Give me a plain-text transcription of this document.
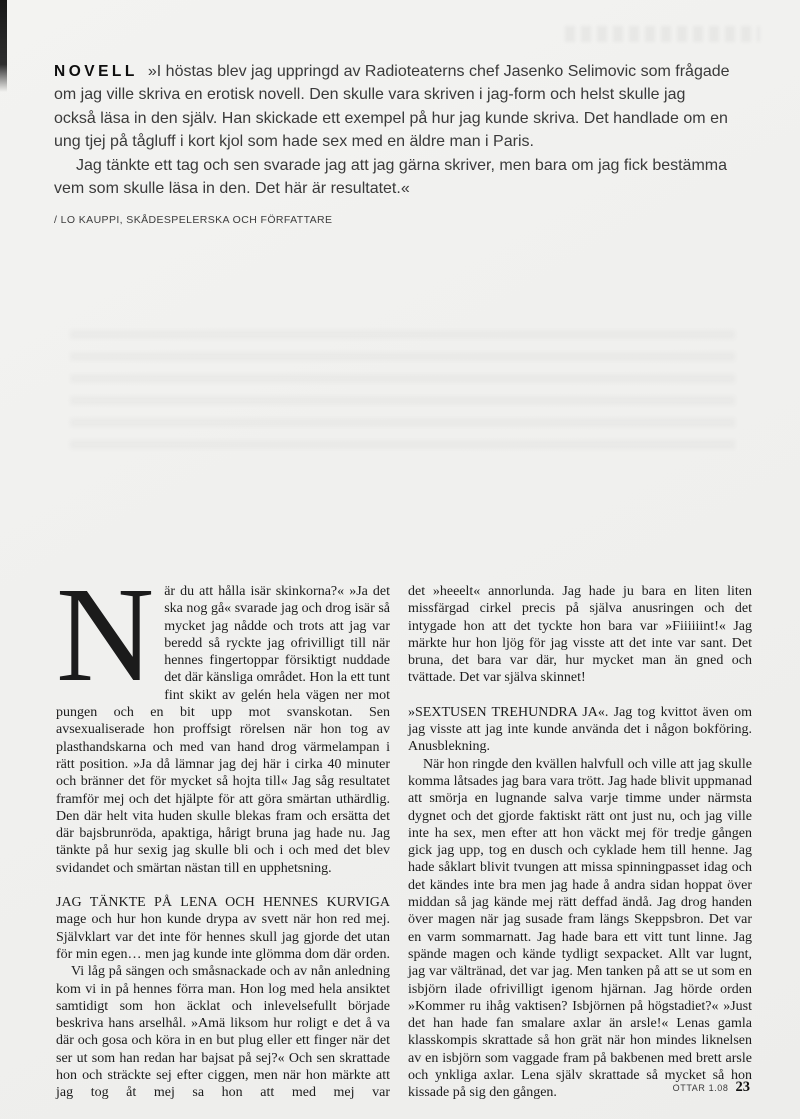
NOVELL »I höstas blev jag uppringd av Radioteaterns chef Jasenko Selimovic som frågade om jag ville skriva en erotisk novell. Den skulle vara skriven i jag-form och helst skulle jag också läsa in den själv. Han skickade ett exempel på hur jag kunde skriva. Det handlade om en ung tjej på tågluff i kort kjol som hade sex med en äldre man i Paris.

Jag tänkte ett tag och sen svarade jag att jag gärna skriver, men bara om jag fick bestämma vem som skulle läsa in den. Det här är resultatet.«

/ LO KAUPPI, SKÅDESPELERSKA OCH FÖRFATTARE

När du att hålla isär skinkorna?« »Ja det ska nog gå« svarade jag och drog isär så mycket jag nådde och trots att jag var beredd så ryckte jag ofrivilligt till när hennes fingertoppar försiktigt nuddade det där känsliga området. Hon la ett tunt fint skikt av gelén hela vägen ner mot pungen och en bit upp mot svanskotan. Sen avsexualiserade hon proffsigt rörelsen när hon tog av plasthandskarna och med van hand drog värmelampan i rätt position. »Ja då lämnar jag dej här i cirka 40 minuter och bränner det för mycket så hojta till« Jag såg resultatet framför mej och det hjälpte för att göra smärtan uthärdlig. Den där helt vita huden skulle blekas fram och ersätta det där bajsbrunröda, apaktiga, hårigt bruna jag hade nu. Jag tänkte på hur sexig jag skulle bli och i och med det blev svidandet och smärtan nästan till en upphetsning.

JAG TÄNKTE PÅ LENA OCH HENNES KURVIGA mage och hur hon kunde drypa av svett när hon red mej. Självklart var det inte för hennes skull jag gjorde det utan för min egen… men jag kunde inte glömma dom där orden.

Vi låg på sängen och småsnackade och av nån anledning kom vi in på hennes förra man. Hon log med hela ansiktet samtidigt som hon äcklat och inlevelsefullt började beskriva hans arselhål. »Amä liksom hur roligt e det å va där och gosa och köra in en but plug eller ett finger när det ser ut som han redan har bajsat på sej?« Och sen skrattade hon och sträckte sej efter ciggen, men när hon märkte att jag tog åt mej sa hon att med mej var

det »heeelt« annorlunda. Jag hade ju bara en liten liten missfärgad cirkel precis på själva anusringen och det intygade hon att det tyckte hon bara var »Fiiiiiint!« Jag märkte hur hon ljög för jag visste att det inte var sant. Det bruna, det bara var där, hur mycket man än gned och tvättade. Det var själva skinnet!

»SEXTUSEN TREHUNDRA JA«. Jag tog kvittot även om jag visste att jag inte kunde använda det i någon bokföring. Anusblekning.

När hon ringde den kvällen halvfull och ville att jag skulle komma låtsades jag bara vara trött. Jag hade blivit uppmanad att smörja en lugnande salva varje timme under närmsta dygnet och det gjorde faktiskt rätt ont just nu, och jag ville inte ha sex, men efter att hon väckt mej för tredje gången gick jag upp, tog en dusch och cyklade hem till henne. Jag hade såklart blivit tvungen att missa spinningpasset idag och det kändes inte bra men jag hade å andra sidan hoppat över middan så jag kände mej rätt deffad ändå. Jag drog handen över magen när jag susade fram längs Skeppsbron. Det var en varm sommarnatt. Jag hade bara ett vitt tunt linne. Jag spände magen och kände tydligt sexpacket. Allt var lugnt, jag var vältränad, det var jag. Men tanken på att se ut som en isbjörn ilade ofrivilligt igenom hjärnan. Jag hörde orden »Kommer ru ihåg vaktisen? Isbjörnen på högstadiet?« »Just det han hade fan smalare axlar än arsle!« Lenas gamla klasskompis skrattade så hon grät när hon mindes liknelsen av en isbjörn som vaggade fram på bakbenen med brett arsle och ynkliga axlar. Lena själv skrattade så mycket så hon kissade på sig den gången.	OTTAR 1.08 23
